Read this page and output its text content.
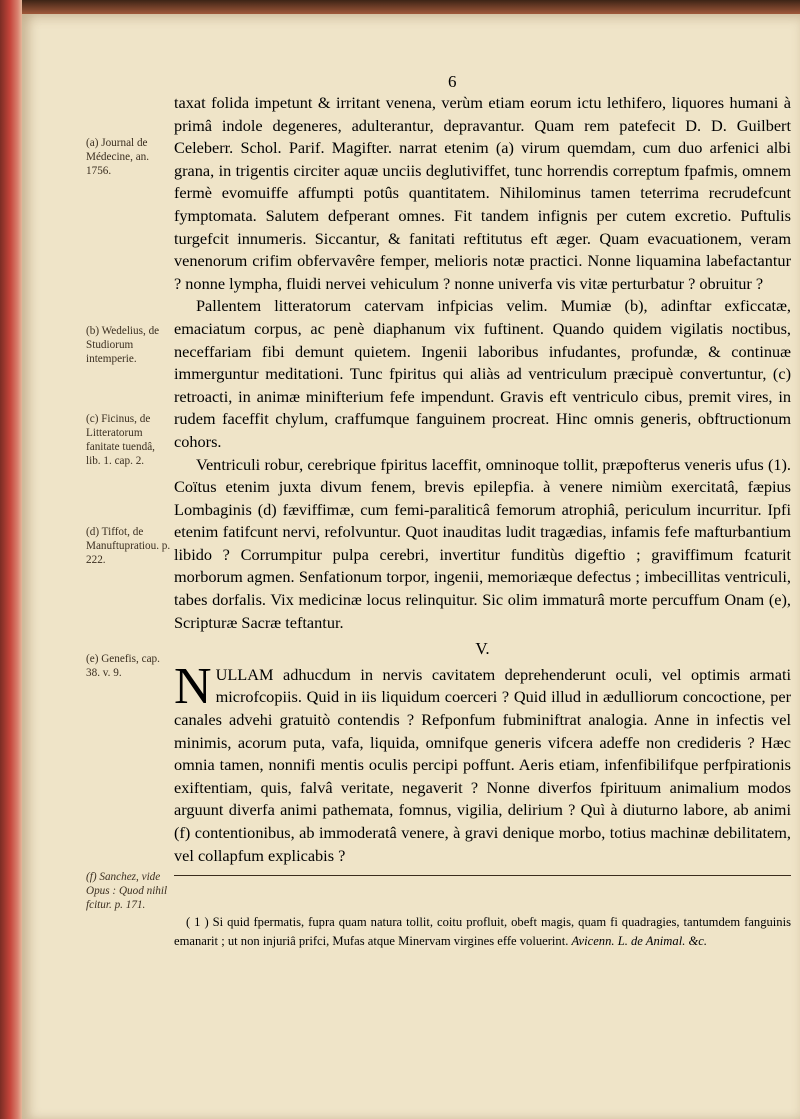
6

taxat folida impetunt & irritant venena, verùm etiam eorum ictu lethifero, liquores humani à primâ indole degeneres, adulterantur, depravantur. Quam rem patefecit D. D. Guilbert Celeberr. Schol. Parif. Magifter. narrat etenim (a) virum quemdam, cum duo arfenici albi grana, in trigentis circiter aquæ unciis deglutiviffet, tunc horrendis correptum fpafmis, omnem fermè evomuiffe affumpti potûs quantitatem. Nihilominus tamen teterrima recrudefcunt fymptomata. Salutem defperant omnes. Fit tandem infignis per cutem excretio. Puftulis turgefcit innumeris. Siccantur, & fanitati reftitutus eft æger. Quam evacuationem, veram venenorum crifim obfervavêre femper, melioris notæ practici. Nonne liquamina labefactantur ? nonne lympha, fluidi nervei vehiculum ? nonne univerfa vis vitæ perturbatur ? obruitur ?

Pallentem litteratorum catervam infpicias velim. Mumiæ (b), adinftar exficcatæ, emaciatum corpus, ac penè diaphanum vix fuftinent. Quando quidem vigilatis noctibus, neceffariam fibi demunt quietem. Ingenii laboribus infudantes, profundæ, & continuæ immerguntur meditationi. Tunc fpiritus qui aliàs ad ventriculum præcipuè convertuntur, (c) retroacti, in animæ minifterium fefe impendunt. Gravis eft ventriculo cibus, premit vires, in rudem faceffit chylum, craffumque fanguinem procreat. Hinc omnis generis, obftructionum cohors.

Ventriculi robur, cerebrique fpiritus laceffit, omninoque tollit, præpofterus veneris ufus (1). Coïtus etenim juxta divum fenem, brevis epilepfia. à venere nimiùm exercitatâ, fæpius Lombaginis (d) fæviffimæ, cum femi-paraliticâ femorum atrophiâ, periculum incurritur. Ipfi etenim fatifcunt nervi, refolvuntur. Quot inauditas ludit tragædias, infamis fefe mafturbantium libido ? Corrumpitur pulpa cerebri, invertitur funditùs digeftio ; graviffimum fcaturit morborum agmen. Senfationum torpor, ingenii, memoriæque defectus ; imbecillitas ventriculi, tabes dorfalis. Vix medicinæ locus relinquitur. Sic olim immaturâ morte percuffum Onam (e), Scripturæ Sacræ teftantur.

V.

NULLAM adhucdum in nervis cavitatem deprehenderunt oculi, vel optimis armati microfcopiis. Quid in iis liquidum coerceri ? Quid illud in ædulliorum concoctione, per canales advehi gratuitò contendis ? Refponfum fubminiftrat analogia. Anne in infectis vel minimis, acorum puta, vafa, liquida, omnifque generis vifcera adeffe non credideris ? Hæc omnia tamen, nonnifi mentis oculis percipi poffunt. Aeris etiam, infenfibilifque perfpirationis exiftentiam, quis, falvâ veritate, negaverit ? Nonne diverfos fpirituum animalium modos arguunt diverfa animi pathemata, fomnus, vigilia, delirium ? Quì à diuturno labore, ab animi (f) contentionibus, ab immoderatâ venere, à gravi denique morbo, totius machinæ debilitatem, vel collapfum explicabis ?

( 1 ) Si quid fpermatis, fupra quam natura tollit, coitu profluit, obeft magis, quam fi quadragies, tantumdem fanguinis emanarit ; ut non injuriâ prifci, Mufas atque Minervam virgines effe voluerint. Avicenn. L. de Animal. &c.
(a) Journal de Médecine, an. 1756.
(b) Wedelius, de Studiorum intemperie.
(c) Ficinus, de Litteratorum fanitate tuendâ, lib. 1. cap. 2.
(d) Tiffot, de Manuftupratiou. p. 222.
(e) Genefis, cap. 38. v. 9.
(f) Sanchez, vide Opus : Quod nihil fcitur. p. 171.
